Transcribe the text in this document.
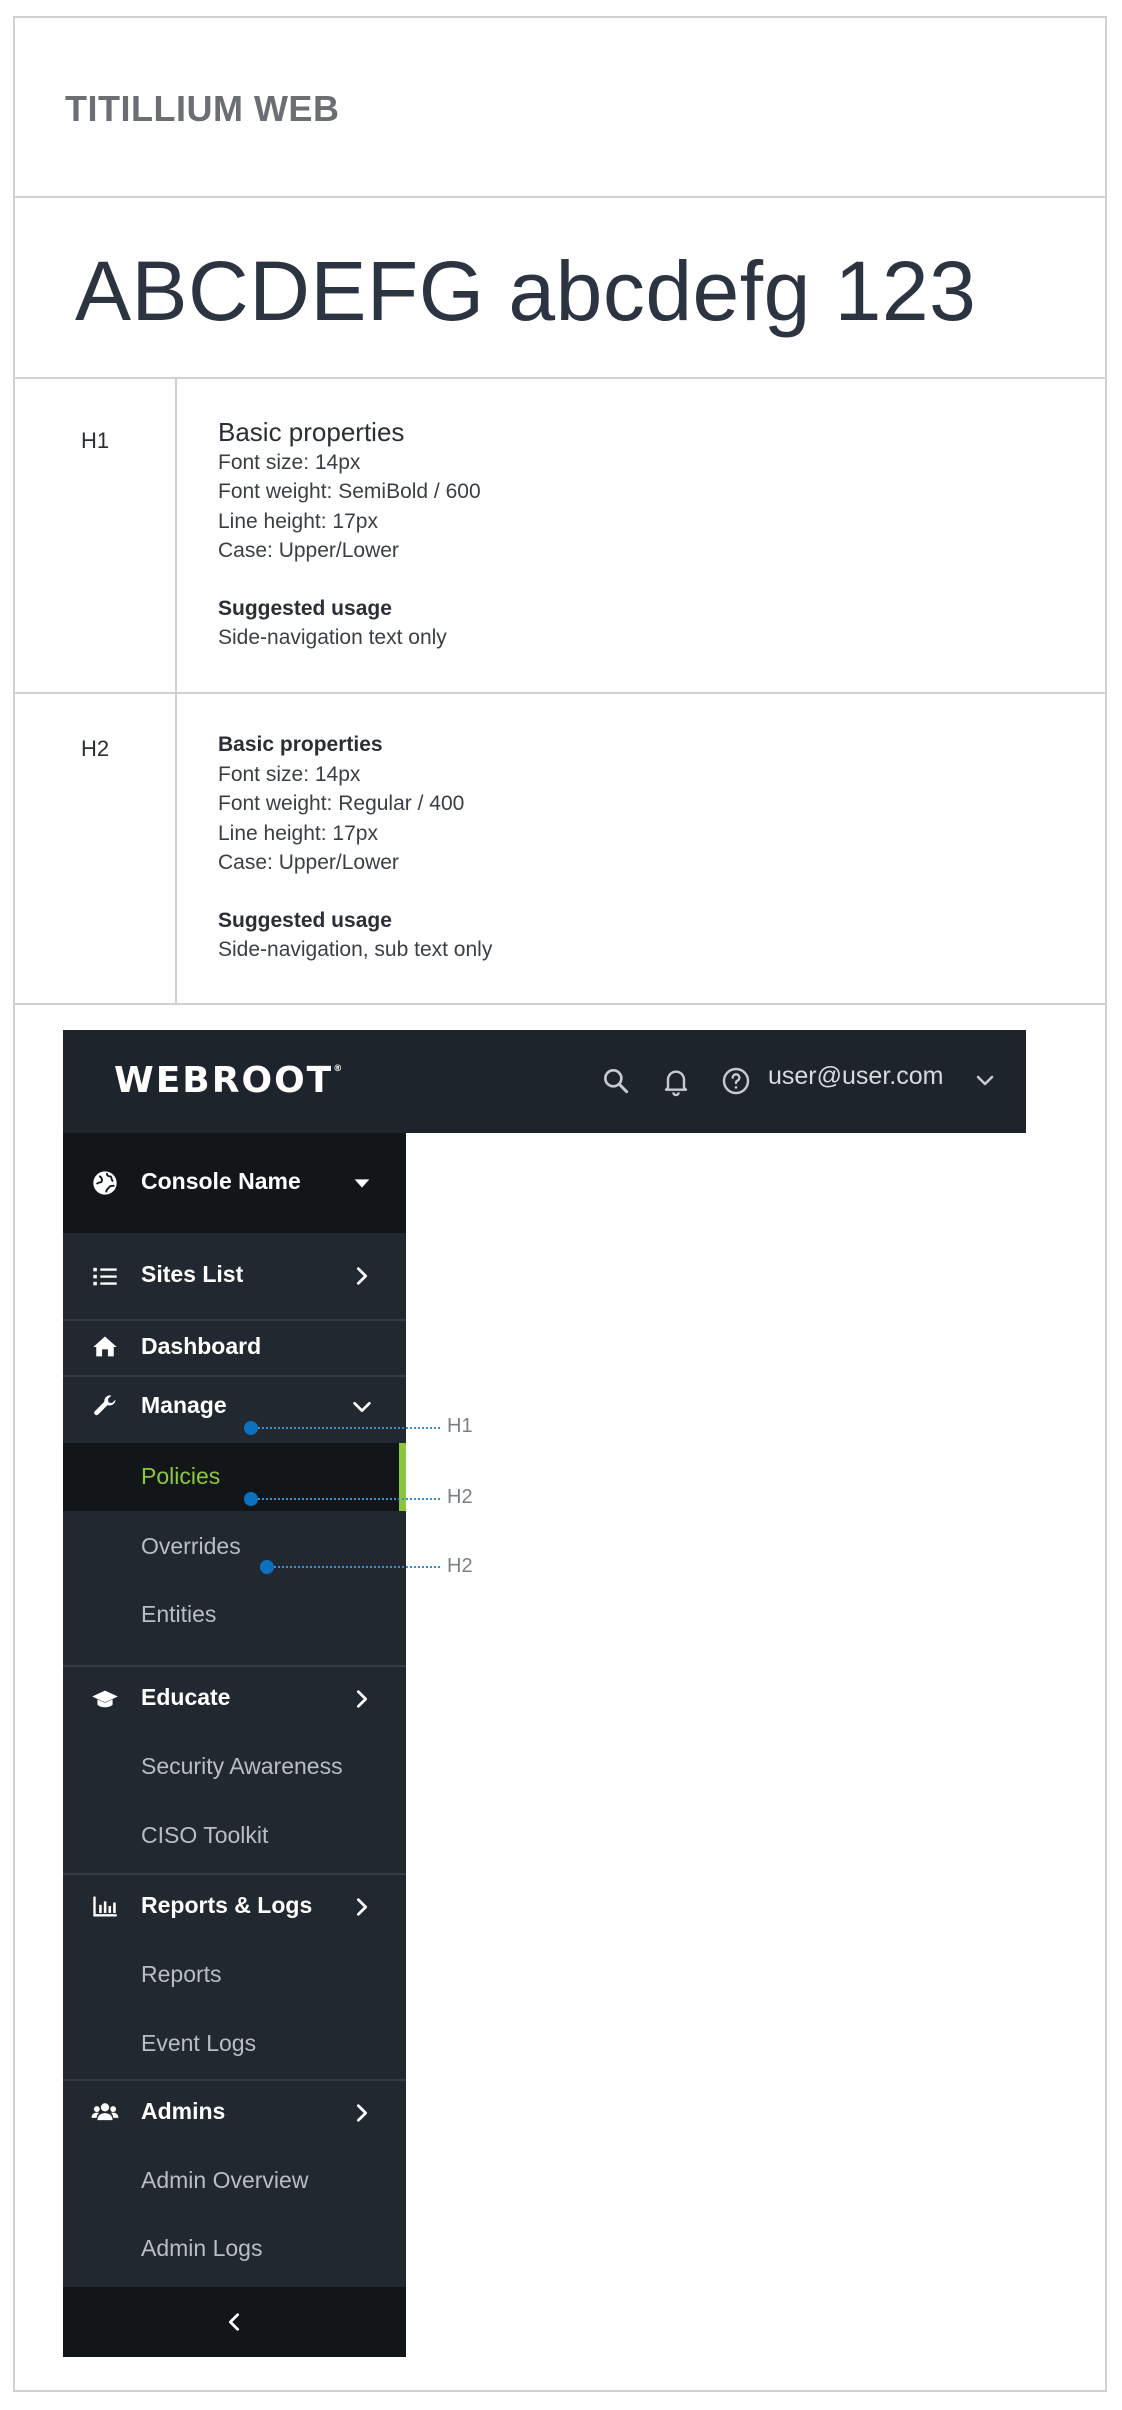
TITILLIUM WEB
ABCDEFG abcdefg 123
H1	Basic properties
Font size: 14px
Font weight: SemiBold / 600
Line height: 17px
Case: Upper/Lower
Suggested usage
Side-navigation text only
H2	Basic properties
Font size: 14px
Font weight: Regular / 400
Line height: 17px
Case: Upper/Lower
Suggested usage
Side-navigation, sub text only
WEBROOT®	user@user.com
Console Name
Sites List
Dashboard
Manage
Policies
Overrides
Entities
Educate
Security Awareness
CISO Toolkit
Reports & Logs
Reports
Event Logs
Admins
Admin Overview
Admin Logs
H1
H2
H2
